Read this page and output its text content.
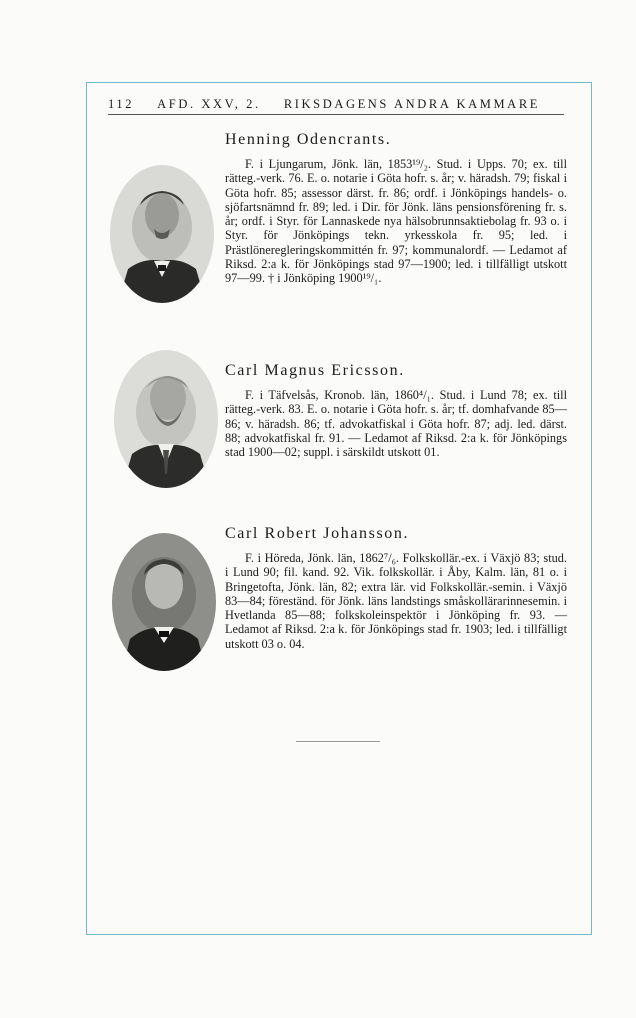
112 AFD. XXV, 2. RIKSDAGENS ANDRA KAMMARE
Henning Odencrants.

F. i Ljungarum, Jönk. län, 1853¹⁹/₂. Stud. i Upps. 70; ex. till rätteg.-verk. 76. E. o. notarie i Göta hofr. s. år; v. häradsh. 79; fiskal i Göta hofr. 85; assessor därst. fr. 86; ordf. i Jönköpings handels- o. sjöfartsnämnd fr. 89; led. i Dir. för Jönk. läns pensionsförening fr. s. år; ordf. i Styr. för Lannaskede nya hälsobrunnsaktiebolag fr. 93 o. i Styr. för Jönköpings tekn. yrkesskola fr. 95; led. i Prästlöneregleringskommittén fr. 97; kommunalordf. — Ledamot af Riksd. 2:a k. för Jönköpings stad 97—1900; led. i tillfälligt utskott 97—99. † i Jönköping 1900¹⁹/₁.

Carl Magnus Ericsson.

F. i Täfvelsås, Kronob. län, 1860⁴/₁. Stud. i Lund 78; ex. till rätteg.-verk. 83. E. o. notarie i Göta hofr. s. år; tf. domhafvande 85—86; v. häradsh. 86; tf. advokatfiskal i Göta hofr. 87; adj. led. därst. 88; advokatfiskal fr. 91. — Ledamot af Riksd. 2:a k. för Jönköpings stad 1900—02; suppl. i särskildt utskott 01.

Carl Robert Johansson.

F. i Höreda, Jönk. län, 1862⁷/₆. Folkskollär.-ex. i Växjö 83; stud. i Lund 90; fil. kand. 92. Vik. folkskollär. i Åby, Kalm. län, 81 o. i Bringetofta, Jönk. län, 82; extra lär. vid Folkskollär.-semin. i Växjö 83—84; föreständ. för Jönk. läns landstings småskollärarinnesemin. i Hvetlanda 85—88; folkskoleinspektör i Jönköping fr. 93. — Ledamot af Riksd. 2:a k. för Jönköpings stad fr. 1903; led. i tillfälligt utskott 03 o. 04.
